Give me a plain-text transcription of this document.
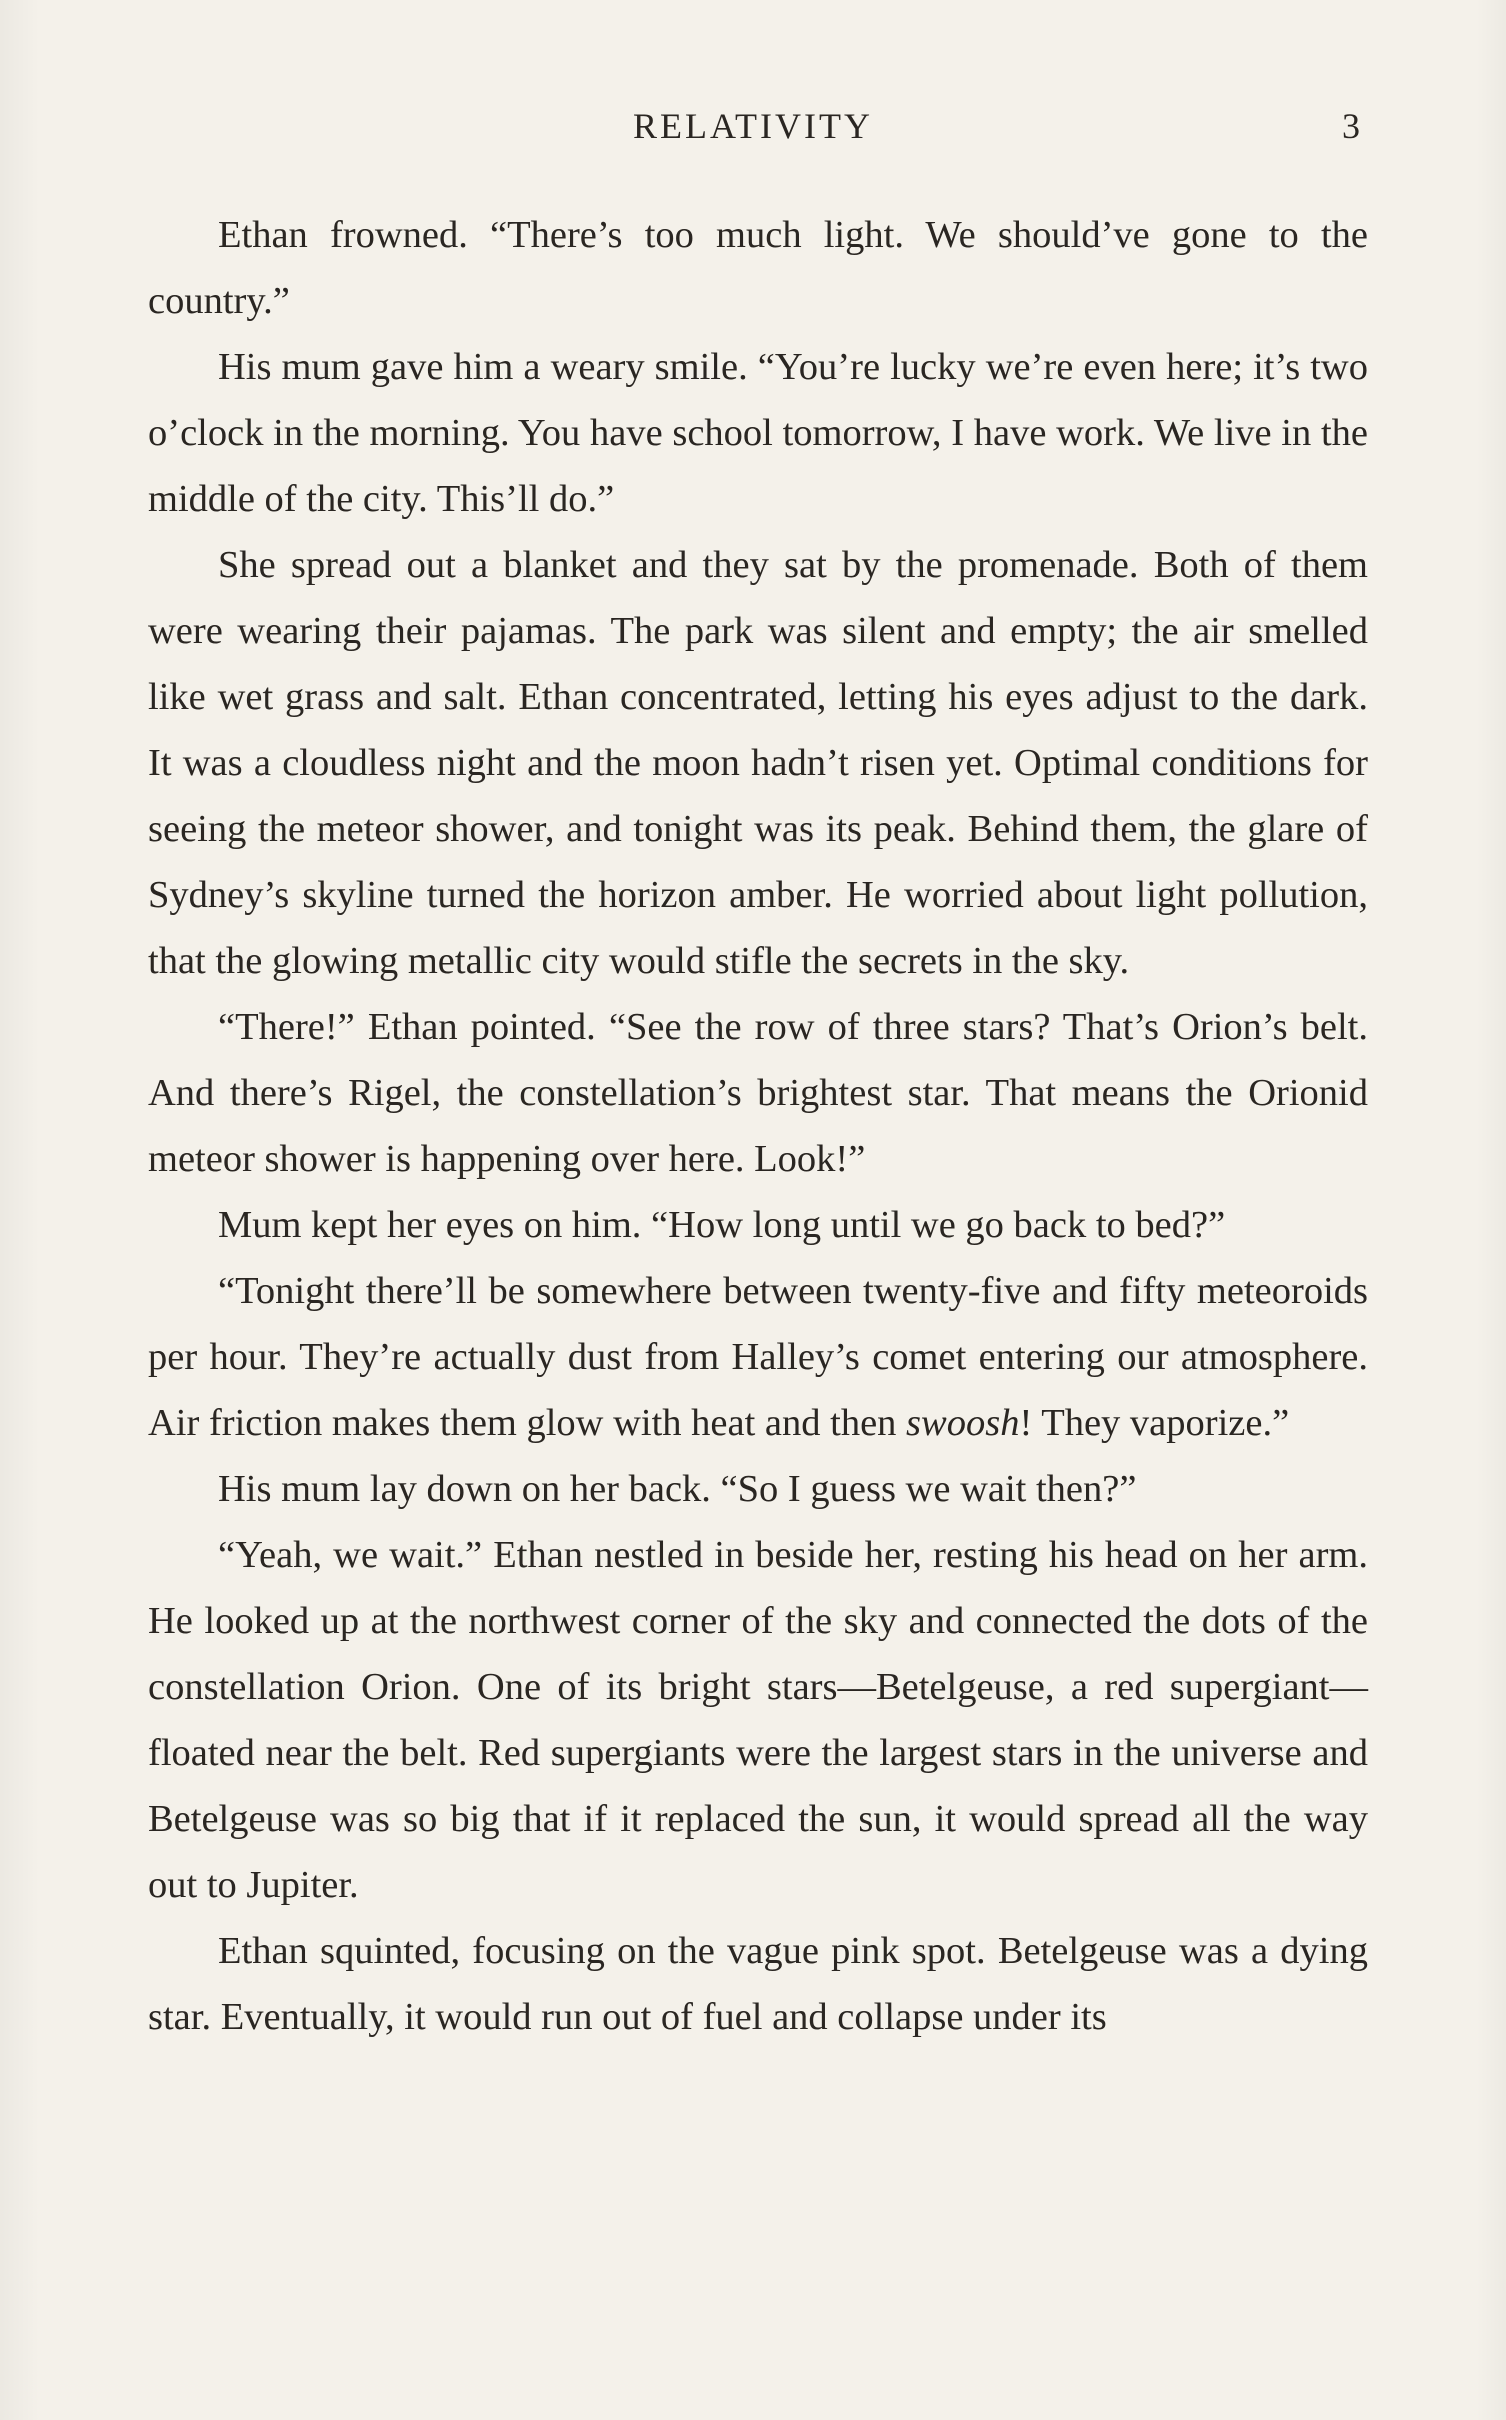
RELATIVITY	3

Ethan frowned. “There’s too much light. We should’ve gone to the country.”

His mum gave him a weary smile. “You’re lucky we’re even here; it’s two o’clock in the morning. You have school tomorrow, I have work. We live in the middle of the city. This’ll do.”

She spread out a blanket and they sat by the promenade. Both of them were wearing their pajamas. The park was silent and empty; the air smelled like wet grass and salt. Ethan concentrated, letting his eyes adjust to the dark. It was a cloudless night and the moon hadn’t risen yet. Optimal conditions for seeing the meteor shower, and tonight was its peak. Behind them, the glare of Sydney’s skyline turned the horizon amber. He worried about light pollution, that the glowing metallic city would stifle the secrets in the sky.

“There!” Ethan pointed. “See the row of three stars? That’s Orion’s belt. And there’s Rigel, the constellation’s brightest star. That means the Orionid meteor shower is happening over here. Look!”

Mum kept her eyes on him. “How long until we go back to bed?”

“Tonight there’ll be somewhere between twenty-five and fifty meteoroids per hour. They’re actually dust from Halley’s comet entering our atmosphere. Air friction makes them glow with heat and then swoosh! They vaporize.”

His mum lay down on her back. “So I guess we wait then?”

“Yeah, we wait.” Ethan nestled in beside her, resting his head on her arm. He looked up at the northwest corner of the sky and connected the dots of the constellation Orion. One of its bright stars—Betelgeuse, a red supergiant—floated near the belt. Red supergiants were the largest stars in the universe and Betelgeuse was so big that if it replaced the sun, it would spread all the way out to Jupiter.

Ethan squinted, focusing on the vague pink spot. Betelgeuse was a dying star. Eventually, it would run out of fuel and collapse under its
